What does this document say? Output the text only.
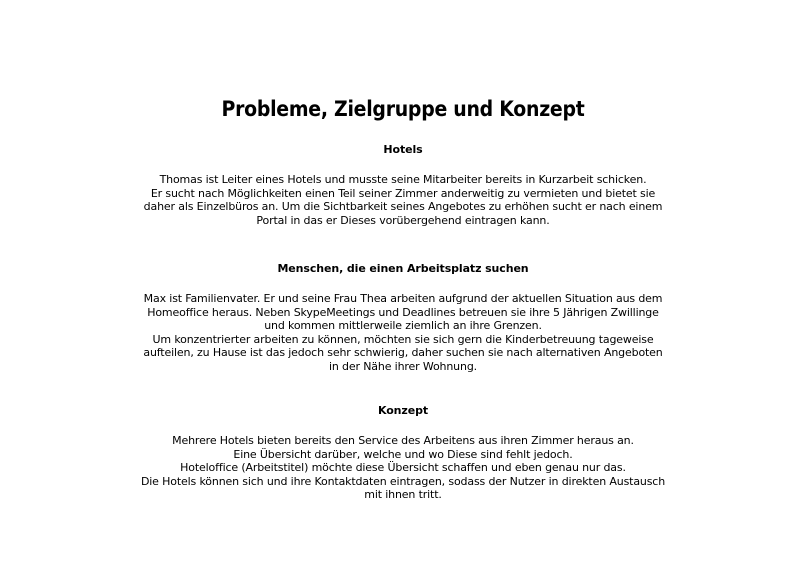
Probleme, Zielgruppe und Konzept
Hotels

Thomas ist Leiter eines Hotels und musste seine Mitarbeiter bereits in Kurzarbeit schicken.
Er sucht nach Möglichkeiten einen Teil seiner Zimmer anderweitig zu vermieten und bietet sie
daher als Einzelbüros an. Um die Sichtbarkeit seines Angebotes zu erhöhen sucht er nach einem
Portal in das er Dieses vorübergehend eintragen kann.

Menschen, die einen Arbeitsplatz suchen

Max ist Familienvater. Er und seine Frau Thea arbeiten aufgrund der aktuellen Situation aus dem
Homeoffice heraus. Neben SkypeMeetings und Deadlines betreuen sie ihre 5 Jährigen Zwillinge
und kommen mittlerweile ziemlich an ihre Grenzen.
Um konzentrierter arbeiten zu können, möchten sie sich gern die Kinderbetreuung tageweise
aufteilen, zu Hause ist das jedoch sehr schwierig, daher suchen sie nach alternativen Angeboten
in der Nähe ihrer Wohnung.

Konzept

Mehrere Hotels bieten bereits den Service des Arbeitens aus ihren Zimmer heraus an.
Eine Übersicht darüber, welche und wo Diese sind fehlt jedoch.
Hoteloffice (Arbeitstitel) möchte diese Übersicht schaffen und eben genau nur das.
Die Hotels können sich und ihre Kontaktdaten eintragen, sodass der Nutzer in direkten Austausch
mit ihnen tritt.
